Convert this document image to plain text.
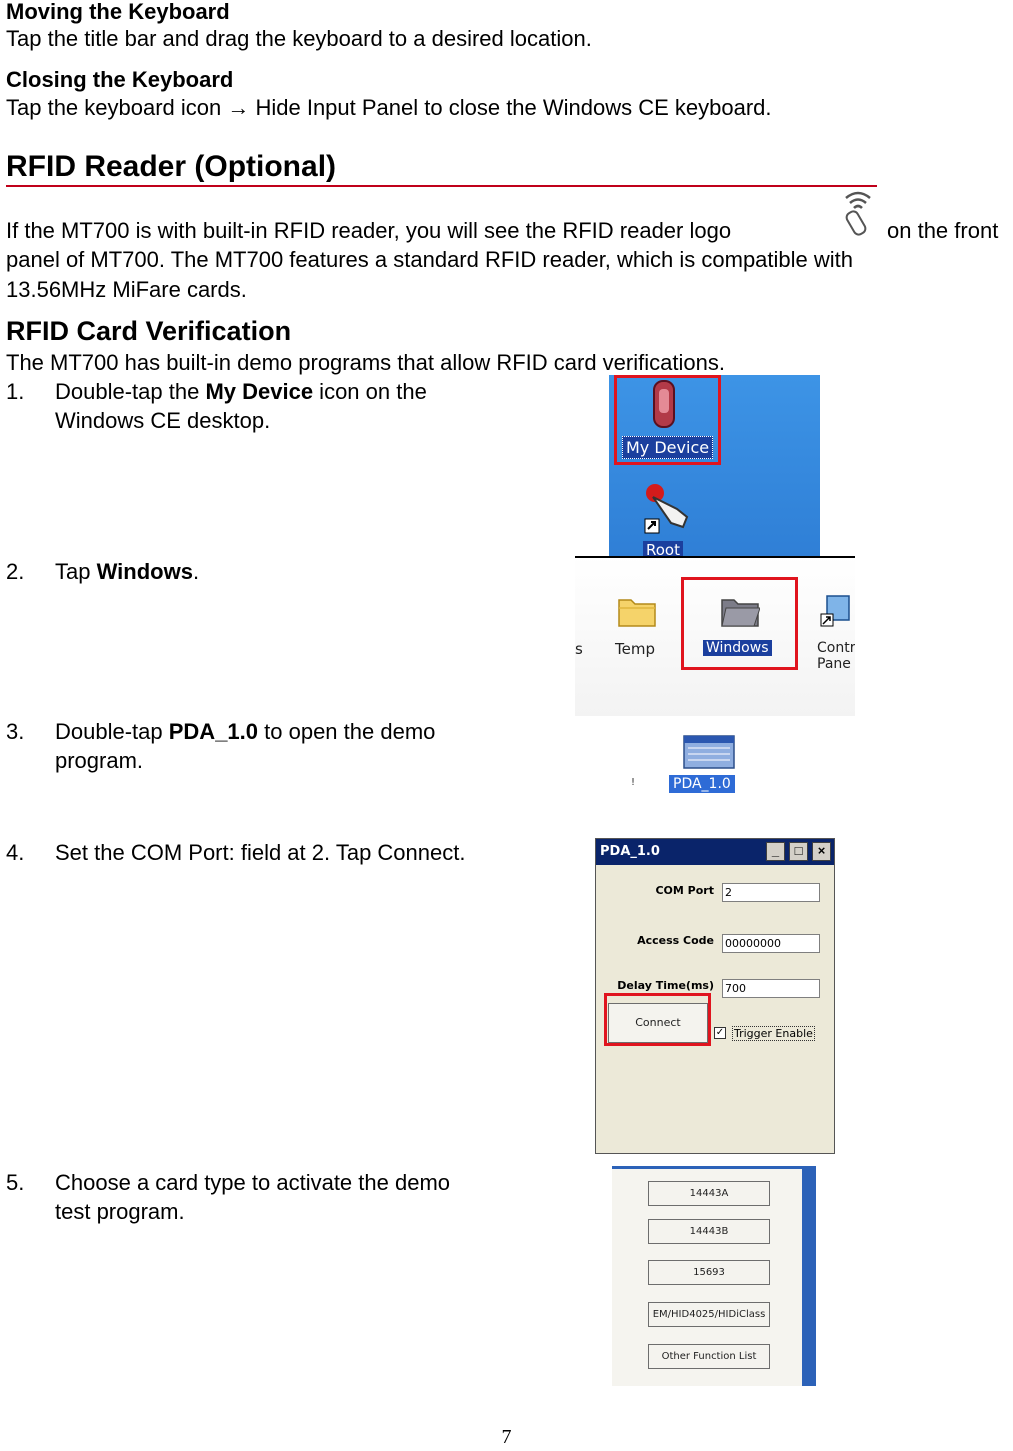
Moving the Keyboard
Tap the title bar and drag the keyboard to a desired location.
Closing the Keyboard
Tap the keyboard icon → Hide Input Panel to close the Windows CE keyboard.
RFID Reader (Optional)
If the MT700 is with built-in RFID reader, you will see the RFID reader logo	on the front
panel of MT700. The MT700 features a standard RFID reader, which is compatible with
13.56MHz MiFare cards.
RFID Card Verification
The MT700 has built-in demo programs that allow RFID card verifications.
1. Double-tap the My Device icon on the
Windows CE desktop.
2. Tap Windows.
3. Double-tap PDA_1.0 to open the demo
program.
4. Set the COM Port: field at 2. Tap Connect.
5. Choose a card type to activate the demo
test program.
My Device
Root
s Temp	Windows	Contr
Pane
!	PDA_1.0
PDA_1.0	_	□	×
COM Port 2
Access Code 00000000
Delay Time(ms) 700
Connect
✓ Trigger Enable
14443A
14443B
15693
EM/HID4025/HIDiClass
Other Function List
7
